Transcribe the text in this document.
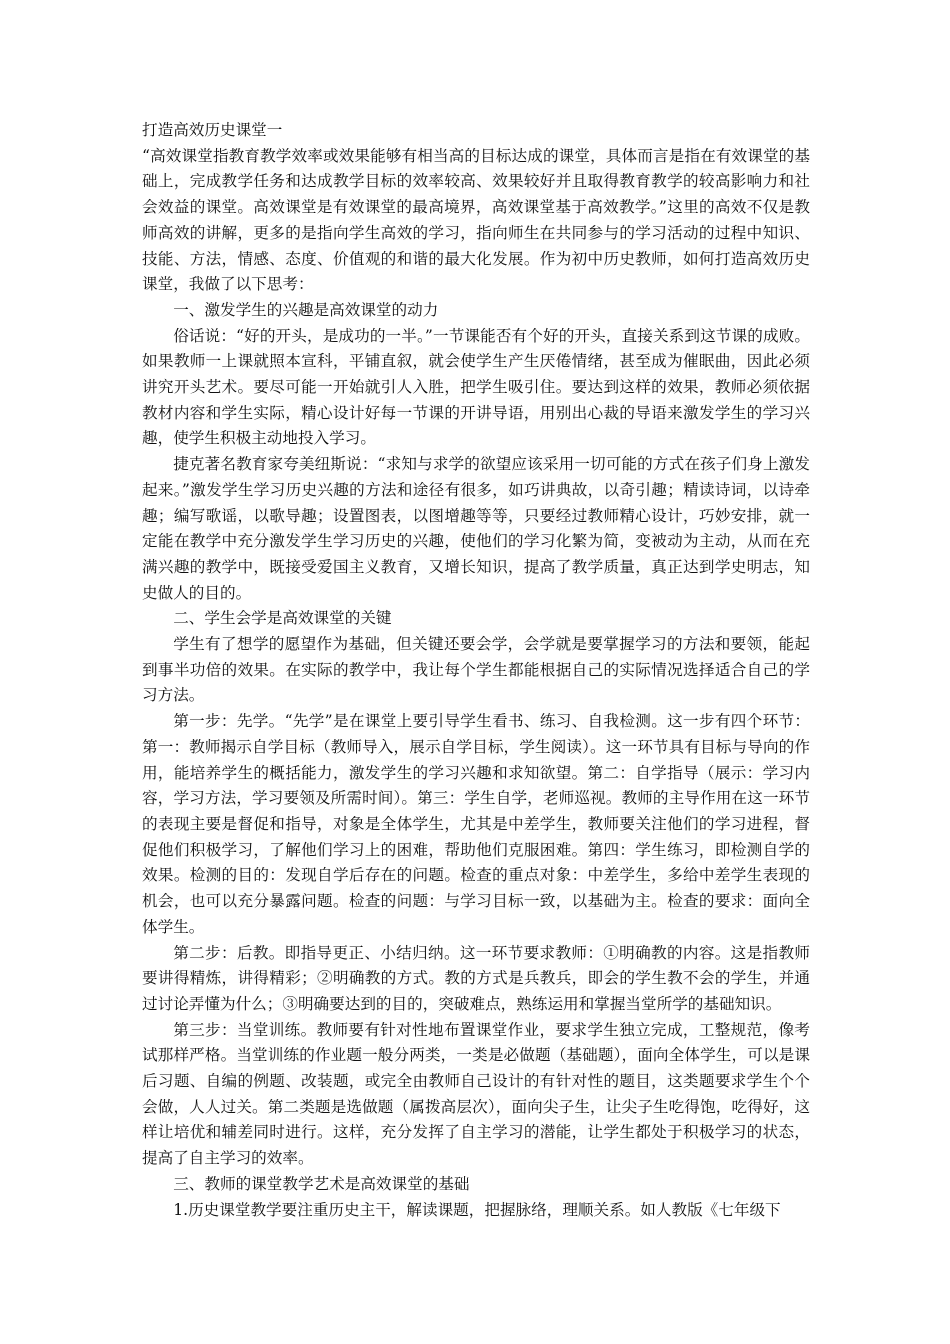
打造高效历史课堂一

“高效课堂指教育教学效率或效果能够有相当高的目标达成的课堂，具体而言是指在有效课堂的基础上，完成教学任务和达成教学目标的效率较高、效果较好并且取得教育教学的较高影响力和社会效益的课堂。高效课堂是有效课堂的最高境界，高效课堂基于高效教学。”这里的高效不仅是教师高效的讲解，更多的是指向学生高效的学习，指向师生在共同参与的学习活动的过程中知识、技能、方法，情感、态度、价值观的和谐的最大化发展。作为初中历史教师，如何打造高效历史课堂，我做了以下思考：

一、激发学生的兴趣是高效课堂的动力

俗话说：“好的开头，是成功的一半。”一节课能否有个好的开头，直接关系到这节课的成败。如果教师一上课就照本宣科，平铺直叙，就会使学生产生厌倦情绪，甚至成为催眠曲，因此必须讲究开头艺术。要尽可能一开始就引人入胜，把学生吸引住。要达到这样的效果，教师必须依据教材内容和学生实际，精心设计好每一节课的开讲导语，用别出心裁的导语来激发学生的学习兴趣，使学生积极主动地投入学习。

捷克著名教育家夸美纽斯说：“求知与求学的欲望应该采用一切可能的方式在孩子们身上激发起来。”激发学生学习历史兴趣的方法和途径有很多，如巧讲典故，以奇引趣；精读诗词，以诗牵趣；编写歌谣，以歌导趣；设置图表，以图增趣等等，只要经过教师精心设计，巧妙安排，就一定能在教学中充分激发学生学习历史的兴趣，使他们的学习化繁为简，变被动为主动，从而在充满兴趣的教学中，既接受爱国主义教育，又增长知识，提高了教学质量，真正达到学史明志，知史做人的目的。

二、学生会学是高效课堂的关键

学生有了想学的愿望作为基础，但关键还要会学，会学就是要掌握学习的方法和要领，能起到事半功倍的效果。在实际的教学中，我让每个学生都能根据自己的实际情况选择适合自己的学习方法。

第一步：先学。“先学”是在课堂上要引导学生看书、练习、自我检测。这一步有四个环节：第一：教师揭示自学目标（教师导入，展示自学目标，学生阅读）。这一环节具有目标与导向的作用，能培养学生的概括能力，激发学生的学习兴趣和求知欲望。第二：自学指导（展示：学习内容，学习方法，学习要领及所需时间）。第三：学生自学，老师巡视。教师的主导作用在这一环节的表现主要是督促和指导，对象是全体学生，尤其是中差学生，教师要关注他们的学习进程，督促他们积极学习，了解他们学习上的困难，帮助他们克服困难。第四：学生练习，即检测自学的效果。检测的目的：发现自学后存在的问题。检查的重点对象：中差学生，多给中差学生表现的机会，也可以充分暴露问题。检查的问题：与学习目标一致，以基础为主。检查的要求：面向全体学生。

第二步：后教。即指导更正、小结归纳。这一环节要求教师：①明确教的内容。这是指教师要讲得精炼，讲得精彩；②明确教的方式。教的方式是兵教兵，即会的学生教不会的学生，并通过讨论弄懂为什么；③明确要达到的目的，突破难点，熟练运用和掌握当堂所学的基础知识。

第三步：当堂训练。教师要有针对性地布置课堂作业，要求学生独立完成，工整规范，像考试那样严格。当堂训练的作业题一般分两类，一类是必做题（基础题），面向全体学生，可以是课后习题、自编的例题、改装题，或完全由教师自己设计的有针对性的题目，这类题要求学生个个会做，人人过关。第二类题是选做题（属拨高层次），面向尖子生，让尖子生吃得饱，吃得好，这样让培优和辅差同时进行。这样，充分发挥了自主学习的潜能，让学生都处于积极学习的状态，提高了自主学习的效率。

三、教师的课堂教学艺术是高效课堂的基础

1.历史课堂教学要注重历史主干，解读课题，把握脉络，理顺关系。如人教版《七年级下
